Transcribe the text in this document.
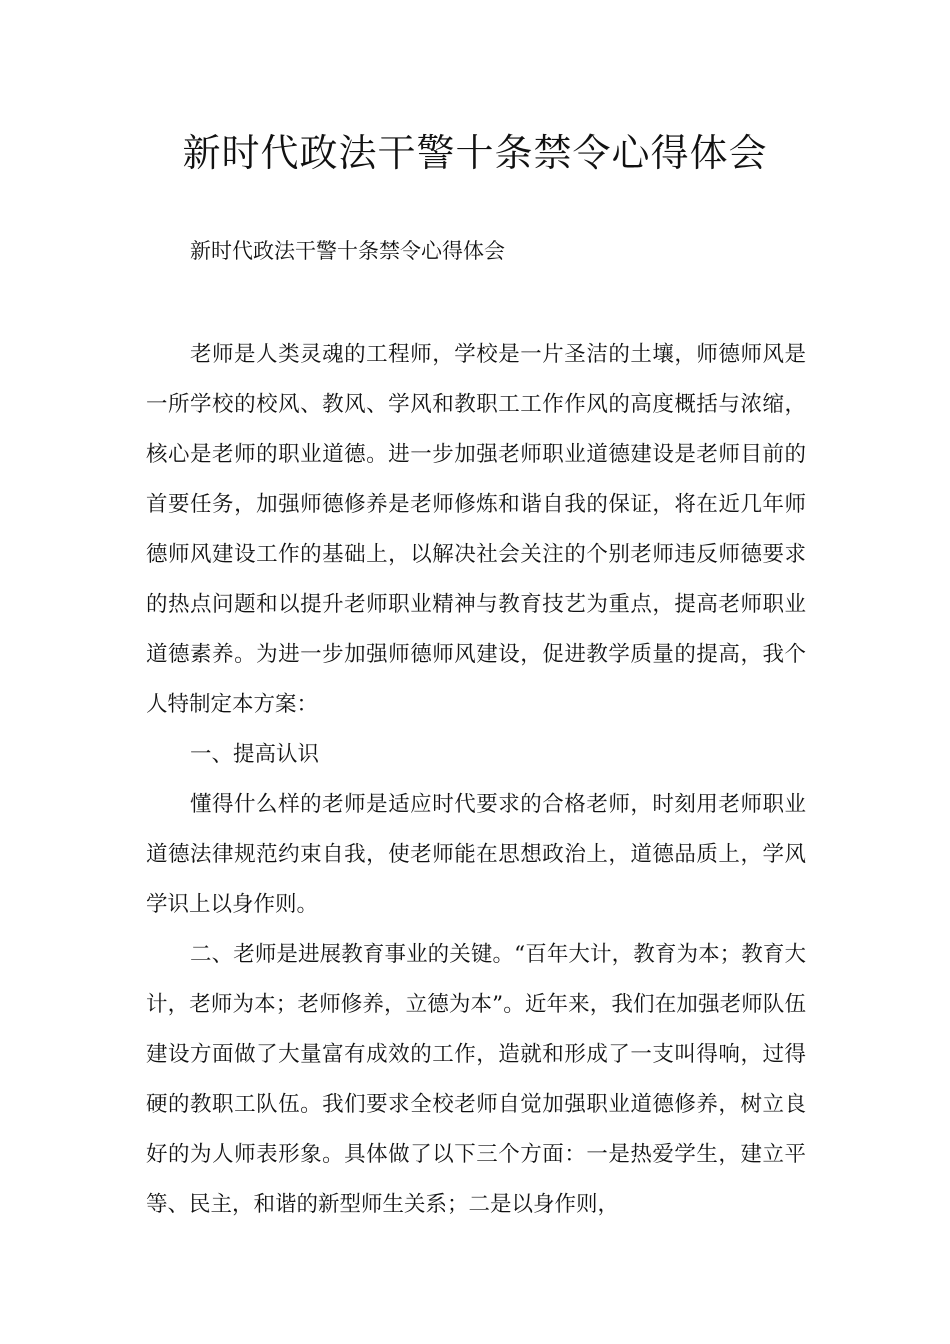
新时代政法干警十条禁令心得体会

新时代政法干警十条禁令心得体会

老师是人类灵魂的工程师，学校是一片圣洁的土壤，师德师风是一所学校的校风、教风、学风和教职工工作作风的高度概括与浓缩，核心是老师的职业道德。进一步加强老师职业道德建设是老师目前的首要任务，加强师德修养是老师修炼和谐自我的保证，将在近几年师德师风建设工作的基础上，以解决社会关注的个别老师违反师德要求的热点问题和以提升老师职业精神与教育技艺为重点，提高老师职业道德素养。为进一步加强师德师风建设，促进教学质量的提高，我个人特制定本方案：

一、提高认识

懂得什么样的老师是适应时代要求的合格老师，时刻用老师职业道德法律规范约束自我，使老师能在思想政治上，道德品质上，学风学识上以身作则。

二、老师是进展教育事业的关键。“百年大计，教育为本；教育大计，老师为本；老师修养，立德为本”。近年来，我们在加强老师队伍建设方面做了大量富有成效的工作，造就和形成了一支叫得响，过得硬的教职工队伍。我们要求全校老师自觉加强职业道德修养，树立良好的为人师表形象。具体做了以下三个方面：一是热爱学生，建立平等、民主，和谐的新型师生关系；二是以身作则，
